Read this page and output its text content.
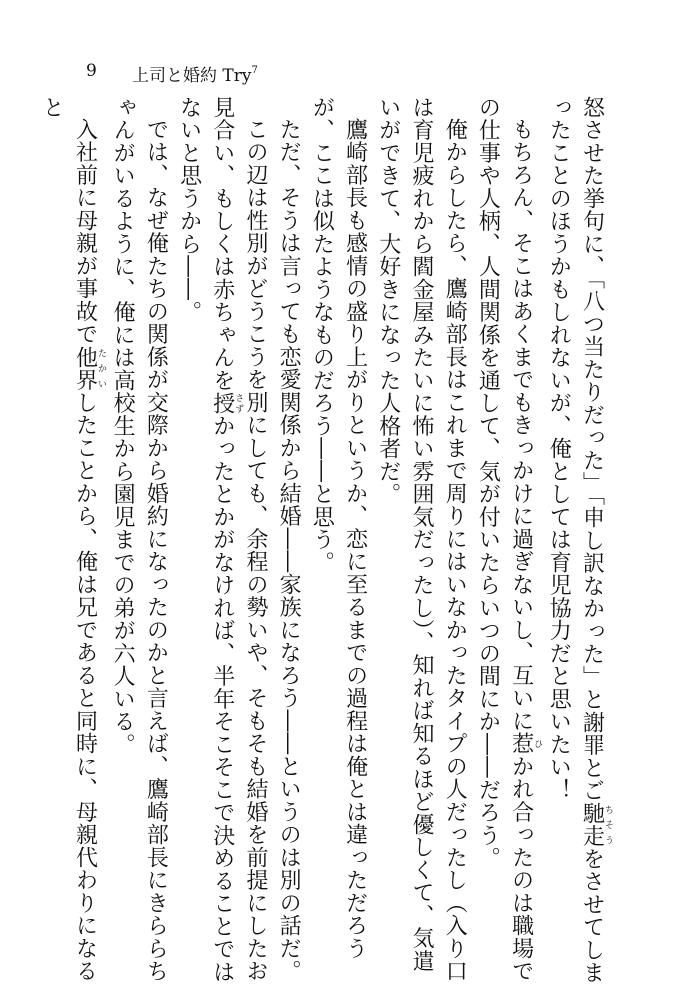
9 上司と婚約 Try$^7$

怒させた挙句に、「八つ当たりだった」「申し訳なかった」と謝罪とご馳走ちそうをさせてしまったことのほうかもしれないが、俺としては育児協力だと思いたい！

もちろん、そこはあくまでもきっかけに過ぎないし、互いに惹ひかれ合ったのは職場での仕事や人柄、人間関係を通して、気が付いたらいつの間にか――だろう。

俺からしたら、鷹崎部長はこれまで周りにはいなかったタイプの人だったし（入り口は育児疲れから閻金屋みたいに怖い雰囲気だったし）、知れば知るほど優しくて、気遣いができて、大好きになった人格者だ。

鷹崎部長も感情の盛り上がりというか、恋に至るまでの過程は俺とは違っただろうが、ここは似たようなものだろう――と思う。

ただ、そうは言っても恋愛関係から結婚――家族になろう――というのは別の話だ。

この辺は性別がどうこうを別にしても、余程の勢いや、そもそも結婚を前提にしたお見合い、もしくは赤ちゃんを授さずかったとかがなければ、半年そこそこで決めることではないと思うから――。

では、なぜ俺たちの関係が交際から婚約になったのかと言えば、鷹崎部長にきららちゃんがいるように、俺には高校生から園児までの弟が六人いる。

入社前に母親が事故で他界たかいしたことから、俺は兄であると同時に、母親代わりになると
